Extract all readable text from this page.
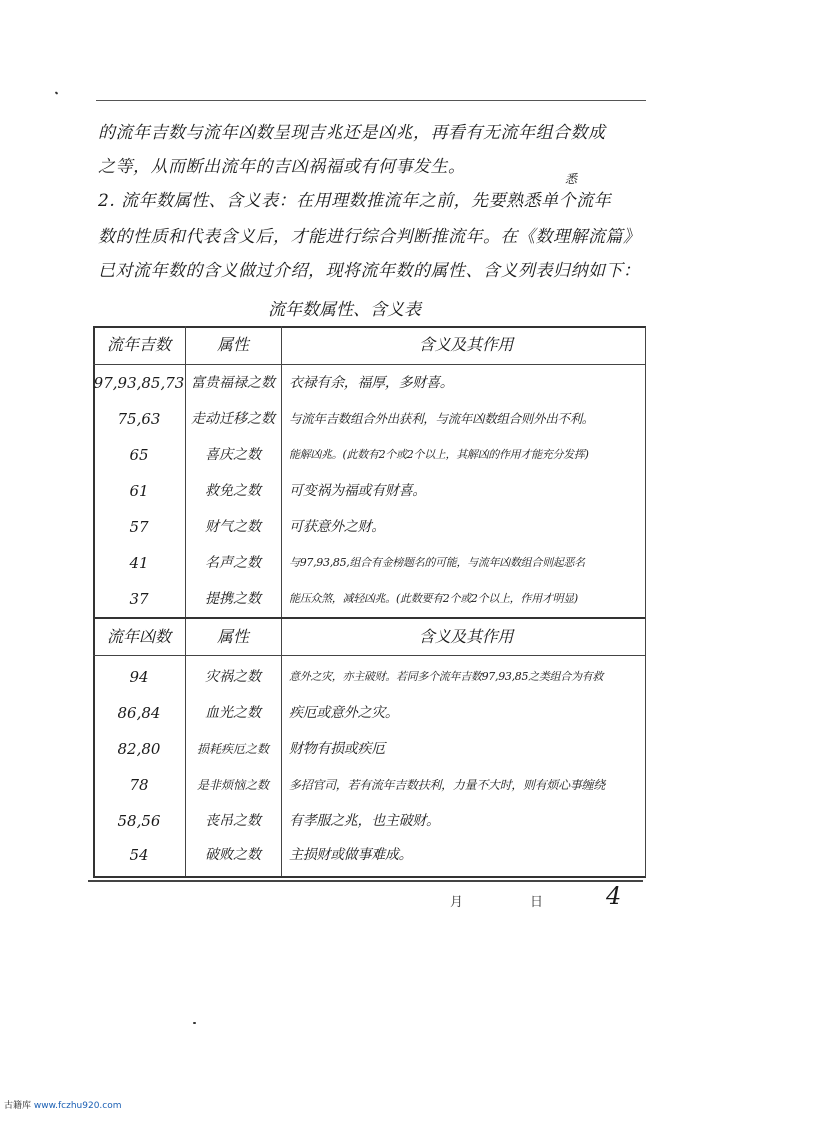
的流年吉数与流年凶数呈现吉兆还是凶兆，再看有无流年组合数成
之等，从而断出流年的吉凶祸福或有何事发生。
悉
2. 流年数属性、含义表：在用理数推流年之前，先要熟悉单个流年
数的性质和代表含义后，才能进行综合判断推流年。在《数理解流篇》
已对流年数的含义做过介绍，现将流年数的属性、含义列表归纳如下：
流年数属性、含义表
流年吉数	属性	含义及其作用
97,93,85,73 富贵福禄之数 衣禄有余，福厚，多财喜。
75,63	走动迁移之数	与流年吉数组合外出获利，与流年凶数组合则外出不利。
65	喜庆之数	能解凶兆。(此数有2个或2个以上，其解凶的作用才能充分发挥)
61	救免之数	可变祸为福或有财喜。
57	财气之数	可获意外之财。
41	名声之数	与97,93,85,组合有金榜题名的可能，与流年凶数组合则起恶名
37	提携之数	能压众煞，减轻凶兆。(此数要有2个或2个以上，作用才明显)
流年凶数	属性	含义及其作用
94	灾祸之数	意外之灾，亦主破财。若同多个流年吉数97,93,85之类组合为有救
86,84	血光之数	疾厄或意外之灾。
82,80	损耗疾厄之数	财物有损或疾厄
78	是非烦恼之数	多招官司，若有流年吉数扶利，力量不大时，则有烦心事缠绕
58,56	丧吊之数	有孝服之兆，也主破财。
54	破败之数	主损财或做事难成。
月	日	4
古籍库 www.fczhu920.com
